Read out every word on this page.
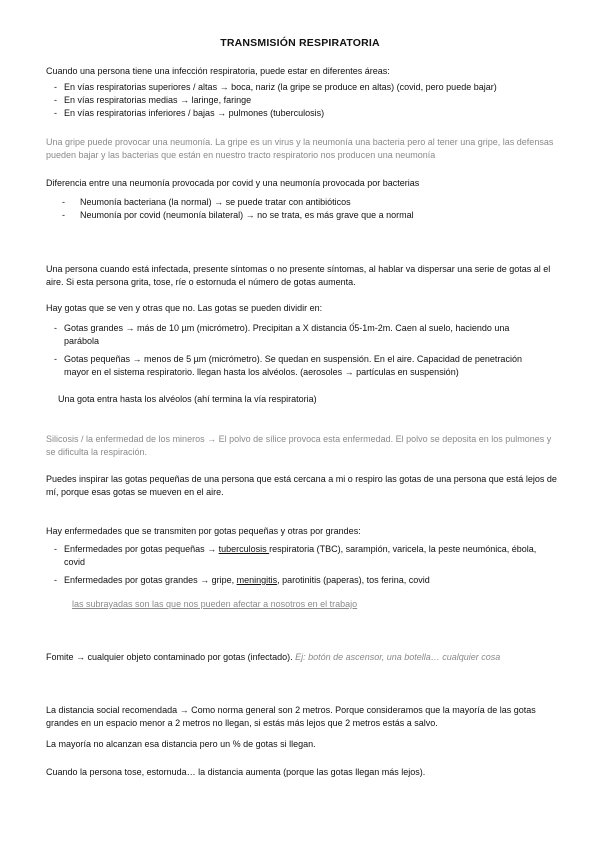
TRANSMISIÓN RESPIRATORIA

Cuando una persona tiene una infección respiratoria, puede estar en diferentes áreas:

- En vías respiratorias superiores / altas → boca, nariz (la gripe se produce en altas) (covid, pero puede bajar)
- En vías respiratorias medias → laringe, faringe
- En vías respiratorias inferiores / bajas → pulmones (tuberculosis)

Una gripe puede provocar una neumonía. La gripe es un virus y la neumonía una bacteria pero al tener una gripe, las defensas pueden bajar y las bacterias que están en nuestro tracto respiratorio nos producen una neumonía

Diferencia entre una neumonía provocada por covid y una neumonía provocada por bacterias

- Neumonía bacteriana (la normal) → se puede tratar con antibióticos
- Neumonía por covid (neumonía bilateral) → no se trata, es más grave que a normal

Una persona cuando está infectada, presente síntomas o no presente síntomas, al hablar va dispersar una serie de gotas al el aire. Si esta persona grita, tose, ríe o estornuda el número de gotas aumenta.

Hay gotas que se ven y otras que no. Las gotas se pueden dividir en:

- Gotas grandes → más de 10 µm (micrómetro). Precipitan a X distancia 0́5-1m-2m. Caen al suelo, haciendo una parábola
- Gotas pequeñas → menos de 5 µm (micrómetro). Se quedan en suspensión. En el aire. Capacidad de penetración mayor en el sistema respiratorio. llegan hasta los alvéolos. (aerosoles → partículas en suspensión)

Una gota entra hasta los alvéolos (ahí termina la vía respiratoria)

Silicosis / la enfermedad de los mineros → El polvo de sílice provoca esta enfermedad. El polvo se deposita en los pulmones y se dificulta la respiración.

Puedes inspirar las gotas pequeñas de una persona que está cercana a mi o respiro las gotas de una persona que está lejos de mí, porque esas gotas se mueven en el aire.

Hay enfermedades que se transmiten por gotas pequeñas y otras por grandes:

- Enfermedades por gotas pequeñas → tuberculosis respiratoria (TBC), sarampión, varicela, la peste neumónica, ébola, covid
- Enfermedades por gotas grandes → gripe, meningitis, parotinitis (paperas), tos ferina, covid

las subrayadas son las que nos pueden afectar a nosotros en el trabajo

Fomite → cualquier objeto contaminado por gotas (infectado). Ej: botón de ascensor, una botella… cualquier cosa

La distancia social recomendada → Como norma general son 2 metros. Porque consideramos que la mayoría de las gotas grandes en un espacio menor a 2 metros no llegan, si estás más lejos que 2 metros estás a salvo.

La mayoría no alcanzan esa distancia pero un % de gotas si llegan.

Cuando la persona tose, estornuda… la distancia aumenta (porque las gotas llegan más lejos).
